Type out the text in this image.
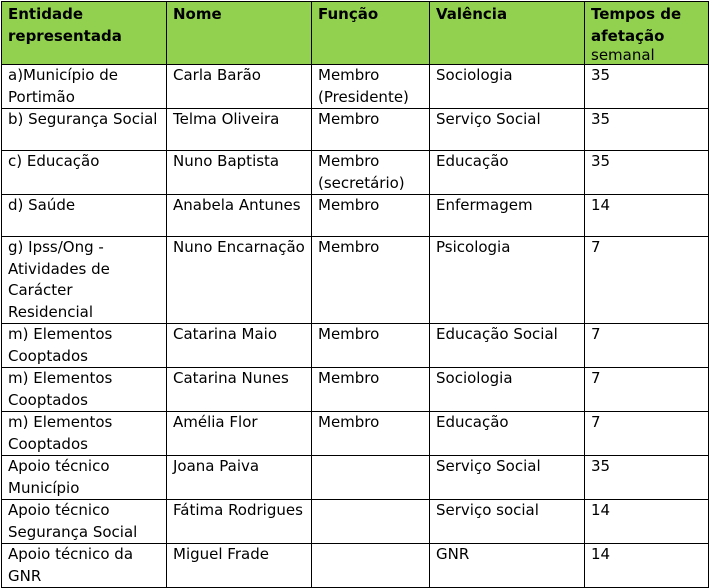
Entidade representada	Nome	Função	Valência	Tempos de afetação
semanal

a)Município de Portimão	Carla Barão	Membro (Presidente)	Sociologia	35
b) Segurança Social	Telma Oliveira	Membro	Serviço Social	35
c) Educação	Nuno Baptista	Membro (secretário)	Educação	35
d) Saúde	Anabela Antunes	Membro	Enfermagem	14
g) Ipss/Ong - Atividades de Carácter Residencial	Nuno Encarnação	Membro	Psicologia	7
m) Elementos Cooptados	Catarina Maio	Membro	Educação Social	7
m) Elementos Cooptados	Catarina Nunes	Membro	Sociologia	7
m) Elementos Cooptados	Amélia Flor	Membro	Educação	7
Apoio técnico Município	Joana Paiva		Serviço Social	35
Apoio técnico Segurança Social	Fátima Rodrigues		Serviço social	14
Apoio técnico da GNR	Miguel Frade		GNR	14
